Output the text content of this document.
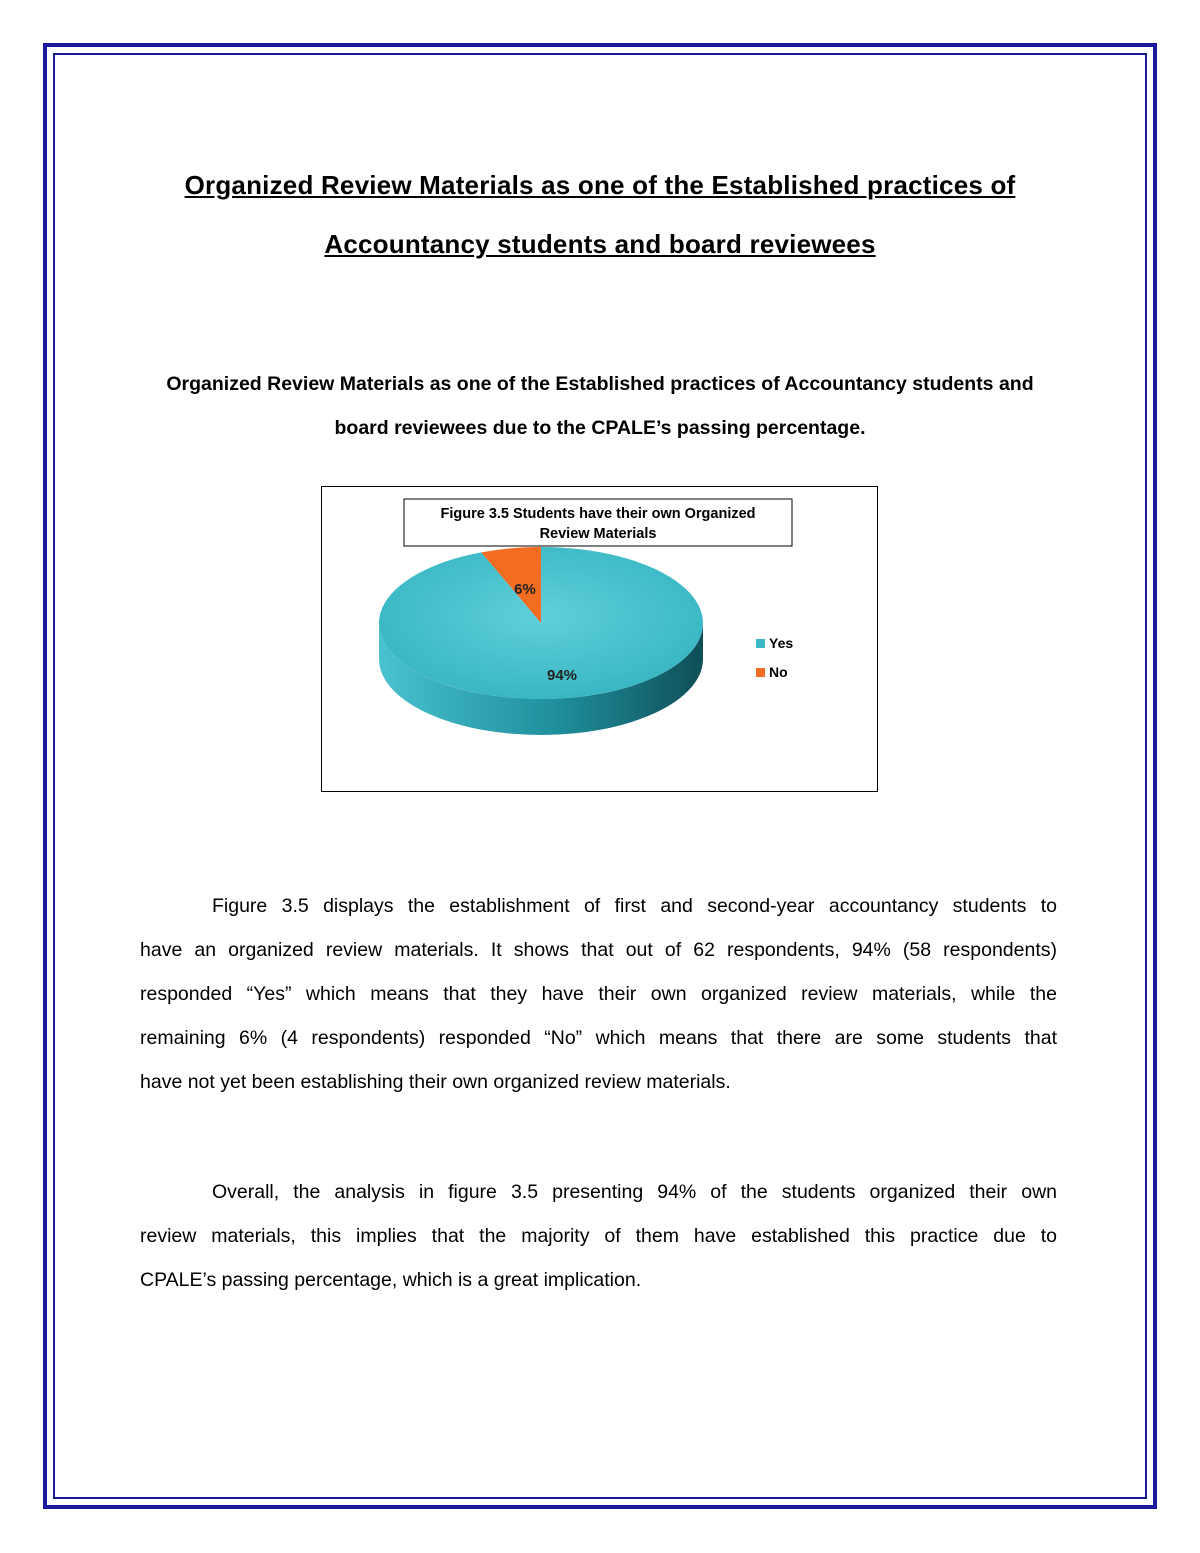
Organized Review Materials as one of the Established practices of
Accountancy students and board reviewees
Organized Review Materials as one of the Established practices of Accountancy students and
board reviewees due to the CPALE’s passing percentage.
Figure 3.5 Students have their own Organized
Review Materials
94%
6%
Yes
No
Figure 3.5 displays the establishment of first and second-year accountancy students to
have an organized review materials. It shows that out of 62 respondents, 94% (58 respondents)
responded “Yes” which means that they have their own organized review materials, while the
remaining 6% (4 respondents) responded “No” which means that there are some students that
have not yet been establishing their own organized review materials.
Overall, the analysis in figure 3.5 presenting 94% of the students organized their own
review materials, this implies that the majority of them have established this practice due to
CPALE’s passing percentage, which is a great implication.
